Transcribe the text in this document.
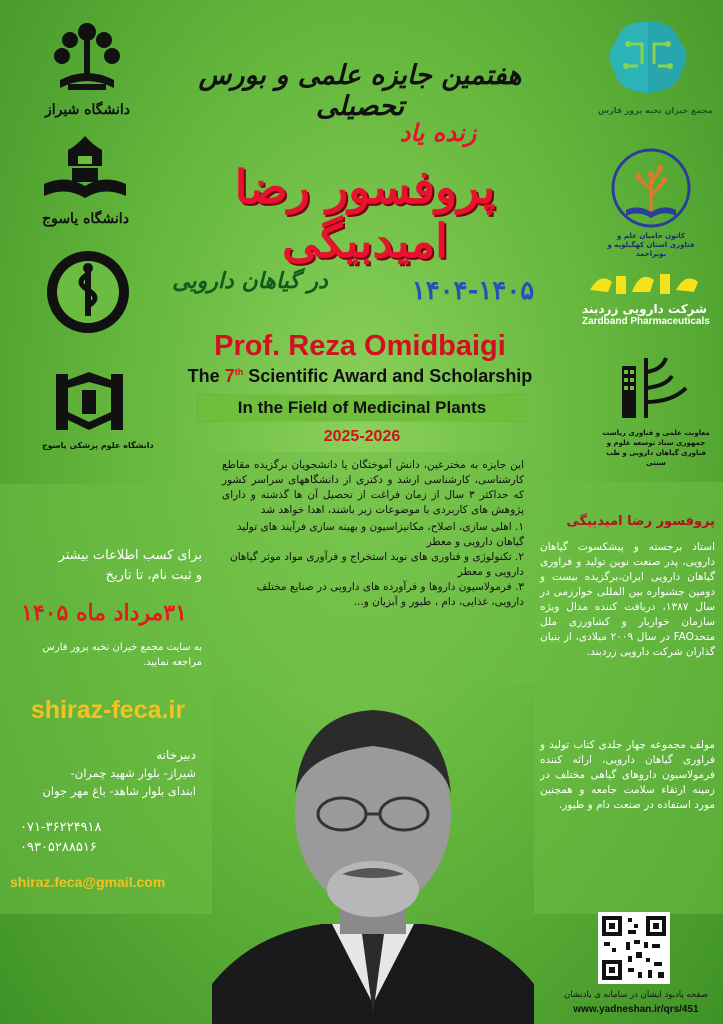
دانشگاه شیراز
دانشگاه یاسوج
دانشگاه علوم پزشکی یاسوج
مجمع خیران نخبه پرور فارس
کانون حامیان علم و فناوری استان کهگیلویه و بویراحمد
شرکت دارویی زردبند
Zardband Pharmaceuticals
معاونت علمی و فناوری ریاست جمهوری ستاد توسعه علوم و فناوری گیاهان دارویی و طب سنتی
هفتمین جایزه علمی و بورس تحصیلی
زنده یاد
پروفسور رضا امیدبیگی
در گیاهان دارویی	۱۴۰۴-۱۴۰۵
Prof. Reza Omidbaigi
The 7th Scientific Award and Scholarship
In the Field of Medicinal Plants
2025-2026
این جایزه به مخترعین، دانش آموختگان یا دانشجویان برگزیده مقاطع کارشناسی، کارشناسی ارشد و دکتری از دانشگاههای سراسر کشور که حداکثر ۳ سال از زمان فراغت از تحصیل آن ها گذشته و دارای پژوهش های کاربردی با موضوعات زیر باشند، اهدا خواهد شد
۱. اهلی سازی، اصلاح، مکانیزاسیون و بهینه سازی فرآیند های تولید گیاهان دارویی و معطر
۲. تکنولوژی و فناوری های نوید استخراج و فرآوری مواد موثر گیاهان دارویی و معطر
۳. فرمولاسیون داروها و فرآورده های دارویی در صنایع مختلف دارویی، غذایی، دام ، طیور و آبزیان و...
برای کسب اطلاعات بیشتر
و ثبت نام، تا تاریخ
۳۱مرداد ماه ۱۴۰۵
به سایت مجمع خیران نخبه پرور فارس مراجعه نمایید.
shiraz-feca.ir
دبیرخانه
شیراز- بلوار شهید چمران-
ابتدای بلوار شاهد- باغ مهر جوان
۰۷۱-۳۶۲۲۴۹۱۸
۰۹۳۰۵۲۸۸۵۱۶
shiraz.feca@gmail.com
پروفسور رضا امیدبیگی
استاد برجسته و پیشکسوت گیاهان دارویی، پدر صنعت نوین تولید و فراوری گیاهان دارویی ایران،برگزیده بیست و دومین جشنواره بین المللی خوارزمی در سال ۱۳۸۷، دریافت کننده مدال ویژه سازمان خواربار و کشاورزی ملل متحدFAO در سال ۲۰۰۹ میلادی، از بنیان گذاران شرکت دارویی زردبند.
مولف مجموعه چهار جلدی کتاب تولید و فراوری گیاهان دارویی، ارائه کننده فرمولاسیون داروهای گیاهی مختلف در زمینه ارتقاء سلامت جامعه و همچنین مورد استفاده در صنعت دام و طیور.
صفحه یادبود ایشان در سامانه ی یادنشان
www.yadneshan.ir/qrs/451
